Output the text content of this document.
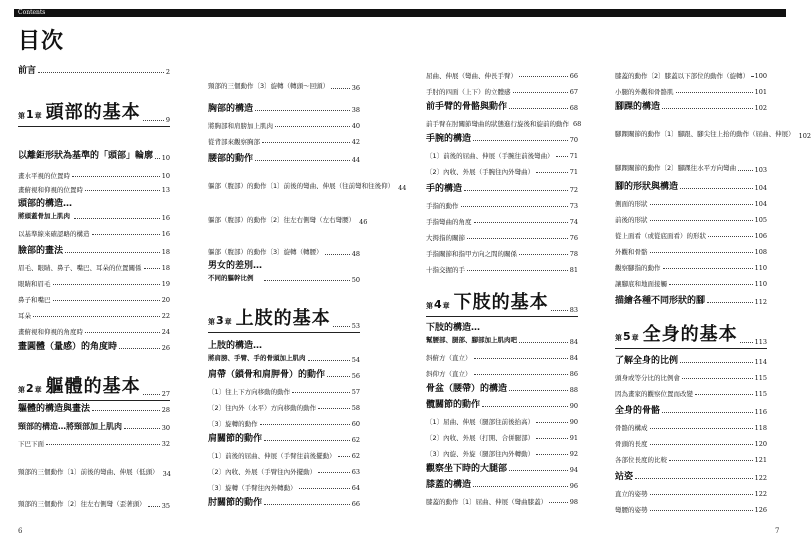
Contents
目次
前言	2
第 1 章 頭部的基本	9
以離鉅形狀為基準的「頭部」輪廓 10
畫水平視的位置時	10
畫俯視和仰視的位置時	13
頭部的構造…
將頭蓋骨加上肌肉	16
以基準線來確認略的構造	16
臉部的畫法	18
眉毛、眼睛、鼻子、嘴巴、耳朵的位置關係	18
眼睛和眉毛	19
鼻子和嘴巴	20
耳朵	22
畫俯視和仰視的角度時	24
畫圓體（量感）的角度時	26
第 2 章 軀體的基本	27
軀體的構造與畫法	28
頸部的構造…將頸部加上肌肉	30
下巴下面	32
頸部的三個動作〔1〕前後的彎曲、伸展（低頭） 34
頸部的三個動作〔2〕往左右側彎（歪著頭） 35
頸部的三個動作〔3〕旋轉（轉頭～回頭）	36
胸部的構造	38
將胸部和肩膀加上肌肉	40
從背部來觀察胸部	42
腰部的動作	44
軀部（腹部）的動作〔1〕前後的彎曲、伸展（往前彎和往後仰） 44
軀部（腹部）的動作〔2〕往左右側彎（左右彎腰） 46
軀部（腹部）的動作〔3〕旋轉（轉腰）	48
男女的差別…
不同的軀幹比例	50
第 3 章 上肢的基本	53
上肢的構造…
將肩膀、手臂、手的骨頭加上肌肉	54
肩帶（鎖骨和肩胛骨）的動作	56
〔1〕往上下方向移動的動作	57
〔2〕往內外（水平）方向移動的動作	58
〔3〕旋轉的動作	60
肩關節的動作	62
〔1〕前後的屈曲、伸展（手臂往前後擺動） 62
〔2〕內收、外展（手臂往內外擺動）	63
〔3〕旋轉（手臂往內外轉動）	64
肘關節的動作	66
6
屈曲、伸展（彎曲、伸長手臂）	66
手肘的四面（上下）的立體感	67
前手臂的骨骼與動作	68
前手臂在肘關節彎曲的狀態進行旋後和旋前的動作 68
手腕的構造	70
〔1〕前後的屈曲、伸展（手腕往前後彎曲） 71
〔2〕內收、外展（手腕往內外彎曲）	71
手的構造	72
手指的動作	73
手指彎曲的角度	74
大拇指的關節	76
手指關節和指甲方向之間的關係	78
十指交握的手	81
第 4 章 下肢的基本	83
下肢的構造…
幫腰部、腿部、腳部加上肌肉吧	84
斜俯方（直立）	84
斜仰方（直立）	86
骨盆（腰帶）的構造	88
髖關節的動作	90
〔1〕屈曲、伸展（腿部往前後抬高）	90
〔2〕內收、外展（打開、合併腿部）	91
〔3〕內旋、外旋（腿部往內外轉動）	92
觀察坐下時的大腿部	94
膝蓋的構造	96
膝蓋的動作〔1〕屈曲、伸展（彎曲膝蓋）	98
膝蓋的動作〔2〕膝蓋以下部位的動作（旋轉） 100
小腿的外觀和骨骼肌	101
腳踝的構造	102
腳踝關節的動作〔1〕腳跟、腳尖往上抬的動作（屈曲、伸展） 102
腳踝關節的動作〔2〕腳踝往水平方向彎曲	103
腳的形狀與構造	104
側面的形狀	104
前後的形狀	105
從上面看（或從底面看）的形狀	106
外觀和骨骼	108
觀察腳指的動作	110
讓腳底和地面接觸	110
描繪各種不同形狀的腳	112
第 5 章 全身的基本	113
了解全身的比例	114
頭身或等分比的比例會	115
因為畫家的觀察位置而改變	115
全身的骨骼	116
骨骼的構成	118
骨頭的長度	120
各部位長度的比較	121
站姿	122
直立的姿勢	122
彎腰的姿勢	126
7
